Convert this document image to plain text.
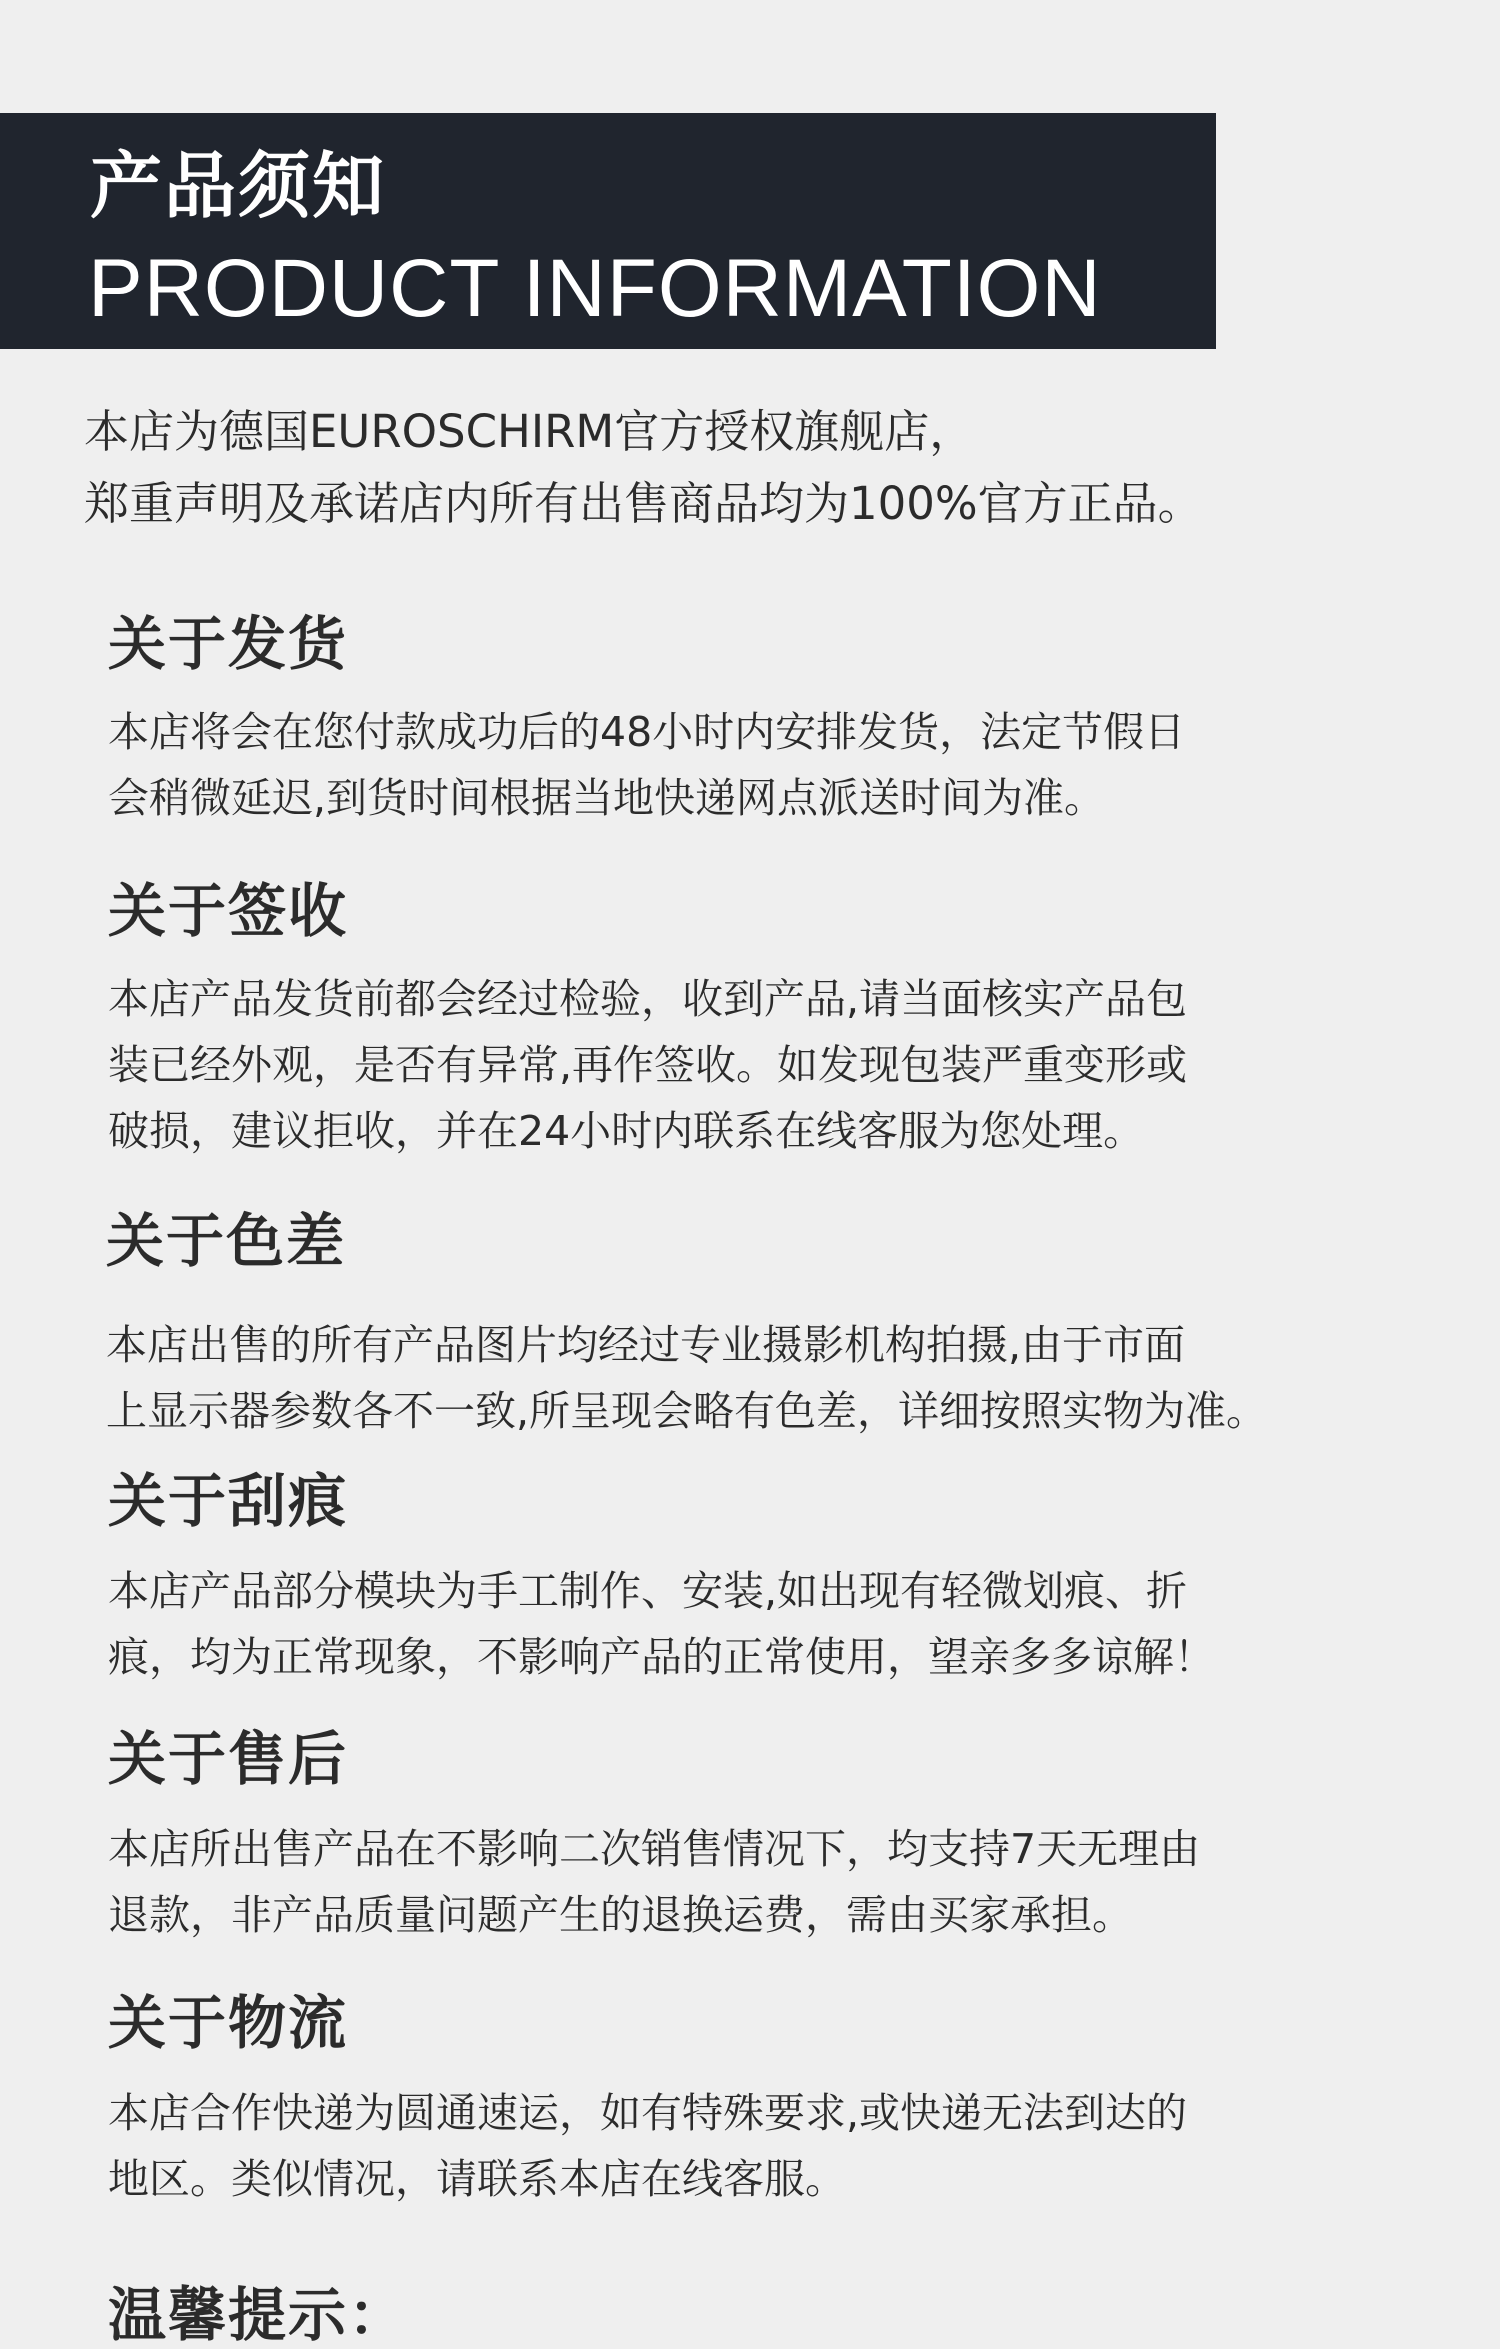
产品须知
PRODUCT INFORMATION

本店为德国EUROSCHIRM官方授权旗舰店，

郑重声明及承诺店内所有出售商品均为100%官方正品。

关于发货

本店将会在您付款成功后的48小时内安排发货，法定节假日
会稍微延迟,到货时间根据当地快递网点派送时间为准。

关于签收

本店产品发货前都会经过检验，收到产品,请当面核实产品包
装已经外观，是否有异常,再作签收。如发现包装严重变形或
破损，建议拒收，并在24小时内联系在线客服为您处理。

关于色差

本店出售的所有产品图片均经过专业摄影机构拍摄,由于市面
上显示器参数各不一致,所呈现会略有色差，详细按照实物为准。

关于刮痕

本店产品部分模块为手工制作、安装,如出现有轻微划痕、折
痕，均为正常现象，不影响产品的正常使用，望亲多多谅解！

关于售后

本店所出售产品在不影响二次销售情况下，均支持7天无理由
退款，非产品质量问题产生的退换运费，需由买家承担。

关于物流

本店合作快递为圆通速运，如有特殊要求,或快递无法到达的
地区。类似情况，请联系本店在线客服。

温馨提示：
